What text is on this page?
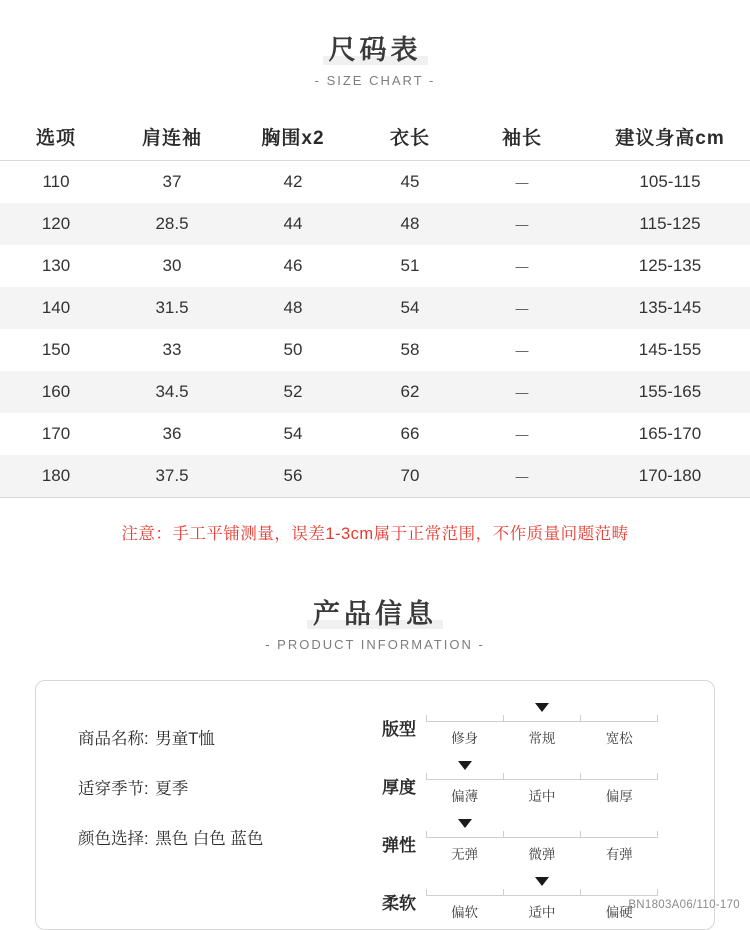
尺码表
- SIZE CHART -
选项	肩连袖	胸围x2	衣长	袖长	建议身高cm
110	37	42	45	－	105-115
120	28.5	44	48	－	115-125
130	30	46	51	－	125-135
140	31.5	48	54	－	135-145
150	33	50	58	－	145-155
160	34.5	52	62	－	155-165
170	36	54	66	－	165-170
180	37.5	56	70	－	170-180
注意：手工平铺测量，误差1-3cm属于正常范围，不作质量问题范畴
产品信息
- PRODUCT INFORMATION -
商品名称: 男童T恤
适穿季节: 夏季
颜色选择: 黑色 白色 蓝色
版型	修身	常规	宽松
厚度	偏薄	适中	偏厚
弹性	无弹	微弹	有弹
柔软	偏软	适中	偏硬
BN1803A06/110-170
